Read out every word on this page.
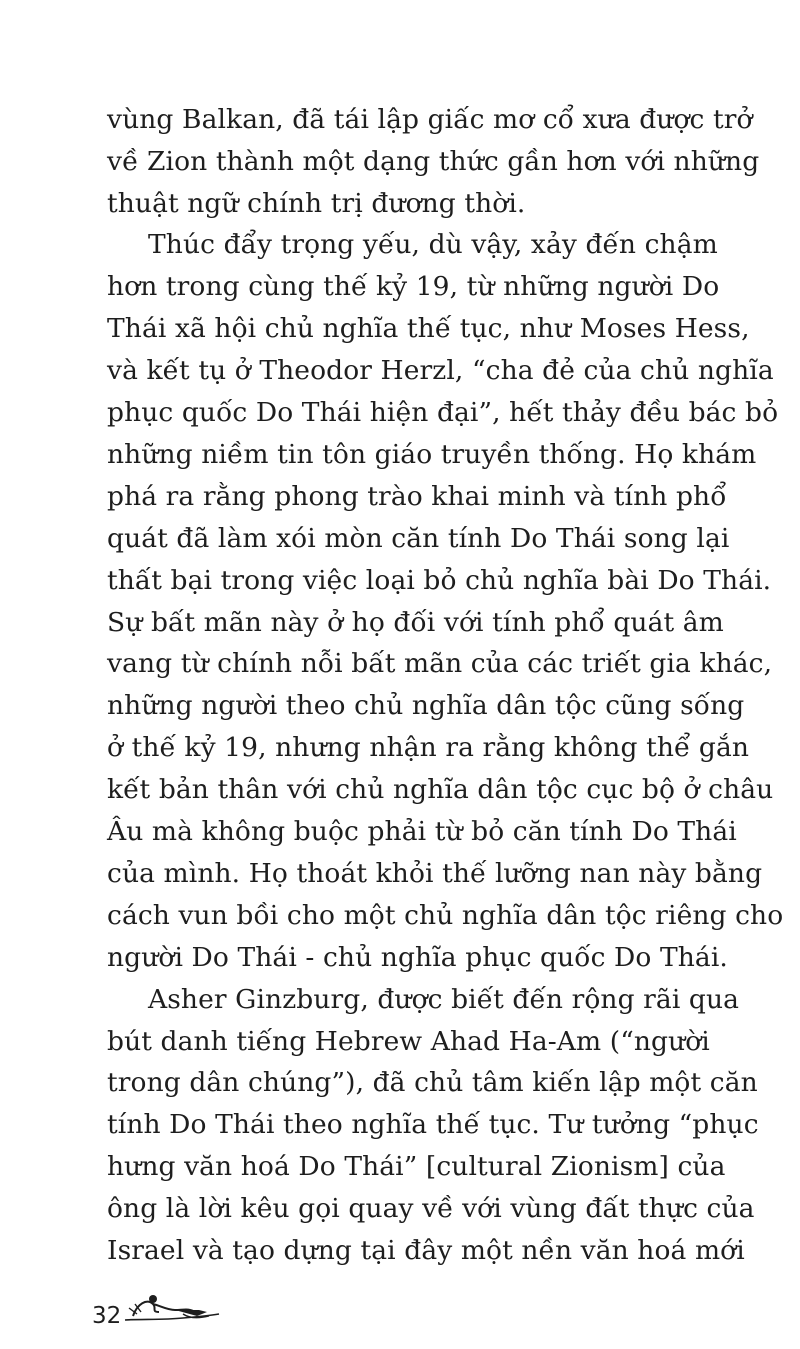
vùng Balkan, đã tái lập giấc mơ cổ xưa được trở
về Zion thành một dạng thức gần hơn với những
thuật ngữ chính trị đương thời.
Thúc đẩy trọng yếu, dù vậy, xảy đến chậm
hơn trong cùng thế kỷ 19, từ những người Do
Thái xã hội chủ nghĩa thế tục, như Moses Hess,
và kết tụ ở Theodor Herzl, “cha đẻ của chủ nghĩa
phục quốc Do Thái hiện đại”, hết thảy đều bác bỏ
những niềm tin tôn giáo truyền thống. Họ khám
phá ra rằng phong trào khai minh và tính phổ
quát đã làm xói mòn căn tính Do Thái song lại
thất bại trong việc loại bỏ chủ nghĩa bài Do Thái.
Sự bất mãn này ở họ đối với tính phổ quát âm
vang từ chính nỗi bất mãn của các triết gia khác,
những người theo chủ nghĩa dân tộc cũng sống
ở thế kỷ 19, nhưng nhận ra rằng không thể gắn
kết bản thân với chủ nghĩa dân tộc cục bộ ở châu
Âu mà không buộc phải từ bỏ căn tính Do Thái
của mình. Họ thoát khỏi thế lưỡng nan này bằng
cách vun bồi cho một chủ nghĩa dân tộc riêng cho
người Do Thái - chủ nghĩa phục quốc Do Thái.
Asher Ginzburg, được biết đến rộng rãi qua
bút danh tiếng Hebrew Ahad Ha-Am (“người
trong dân chúng”), đã chủ tâm kiến lập một căn
tính Do Thái theo nghĩa thế tục. Tư tưởng “phục
hưng văn hoá Do Thái” [cultural Zionism] của
ông là lời kêu gọi quay về với vùng đất thực của
Israel và tạo dựng tại đây một nền văn hoá mới
32
